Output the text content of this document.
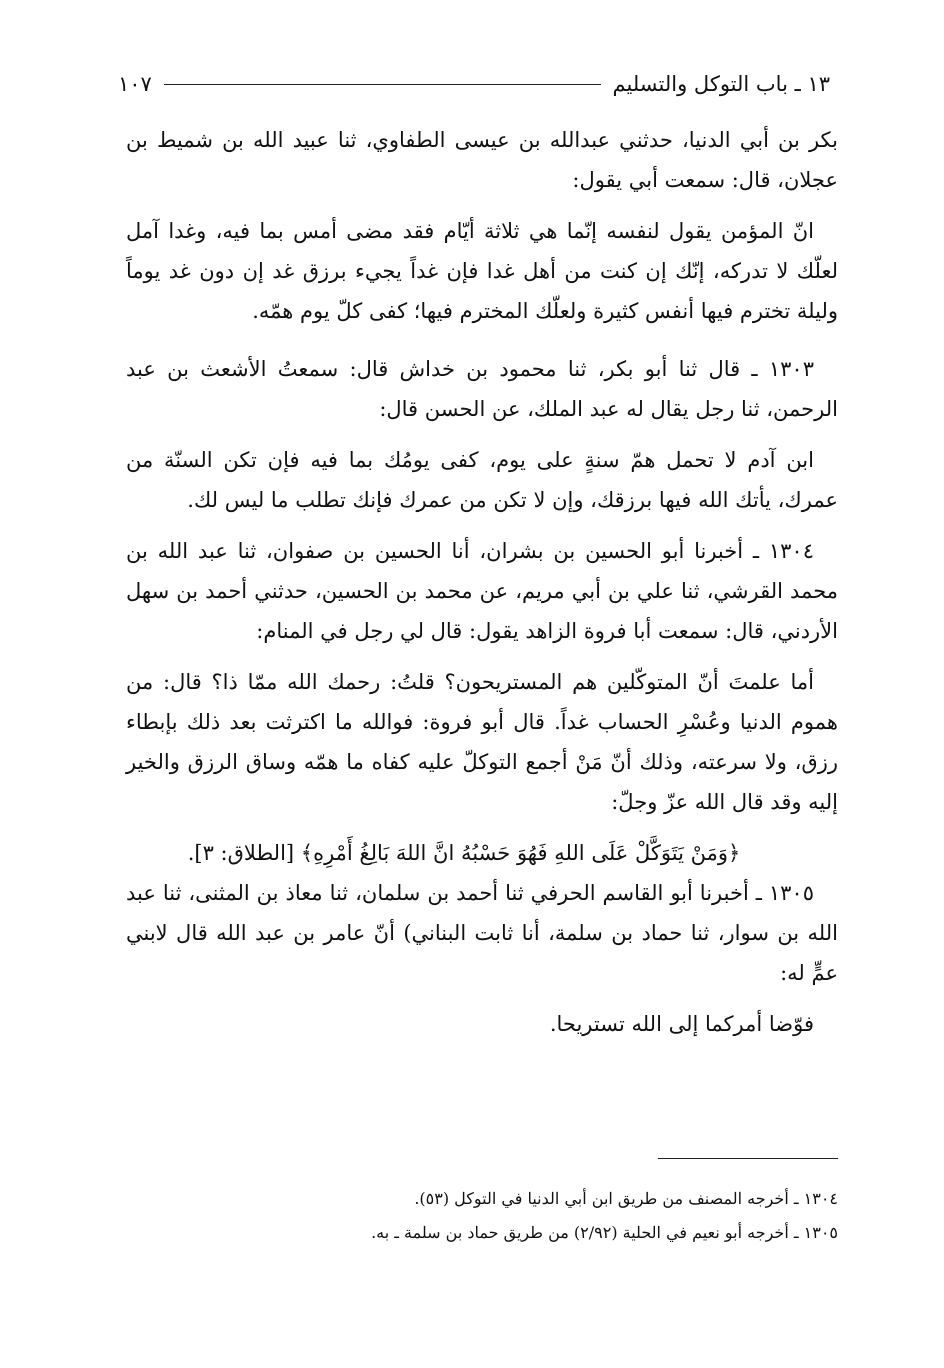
١٣ ـ باب التوكل والتسليم
١٠٧

بكر بن أبي الدنيا، حدثني عبدالله بن عيسى الطفاوي، ثنا عبيد الله بن شميط بن عجلان، قال: سمعت أبي يقول:

انّ المؤمن يقول لنفسه إنّما هي ثلاثة أيّام فقد مضى أمس بما فيه، وغدا آمل لعلّك لا تدركه، إنّك إن كنت من أهل غدا فإن غداً يجيء برزق غد إن دون غد يوماً وليلة تخترم فيها أنفس كثيرة ولعلّك المخترم فيها؛ كفى كلّ يوم همّه.

١٣٠٣ ـ قال ثنا أبو بكر، ثنا محمود بن خداش قال: سمعتُ الأشعث بن عبد الرحمن، ثنا رجل يقال له عبد الملك، عن الحسن قال:

ابن آدم لا تحمل همّ سنةٍ على يوم، كفى يومُك بما فيه فإن تكن السنّة من عمرك، يأتك الله فيها برزقك، وإن لا تكن من عمرك فإنك تطلب ما ليس لك.

١٣٠٤ ـ أخبرنا أبو الحسين بن بشران، أنا الحسين بن صفوان، ثنا عبد الله بن محمد القرشي، ثنا علي بن أبي مريم، عن محمد بن الحسين، حدثني أحمد بن سهل الأردني، قال: سمعت أبا فروة الزاهد يقول: قال لي رجل في المنام:

أما علمتَ أنّ المتوكّلين هم المستريحون؟ قلتُ: رحمك الله ممّا ذا؟ قال: من هموم الدنيا وعُسْرِ الحساب غداً. قال أبو فروة: فوالله ما اكترثت بعد ذلك بإبطاء رزق، ولا سرعته، وذلك أنّ مَنْ أجمع التوكلّ عليه كفاه ما همّه وساق الرزق والخير إليه وقد قال الله عزّ وجلّ:

﴿وَمَنْ يَتَوَكَّلْ عَلَى اللهِ فَهُوَ حَسْبُهُ انَّ اللهَ بَالِغُ أَمْرِهِ﴾ [الطلاق: ٣].

١٣٠٥ ـ أخبرنا أبو القاسم الحرفي ثنا أحمد بن سلمان، ثنا معاذ بن المثنى، ثنا عبد الله بن سوار، ثنا حماد بن سلمة، أنا ثابت البناني) أنّ عامر بن عبد الله قال لابني عمٍّ له:

فوّضا أمركما إلى الله تستريحا.

١٣٠٤ ـ أخرجه المصنف من طريق ابن أبي الدنيا في التوكل (٥٣).

١٣٠٥ ـ أخرجه أبو نعيم في الحلية (٢/٩٢) من طريق حماد بن سلمة ـ به.
